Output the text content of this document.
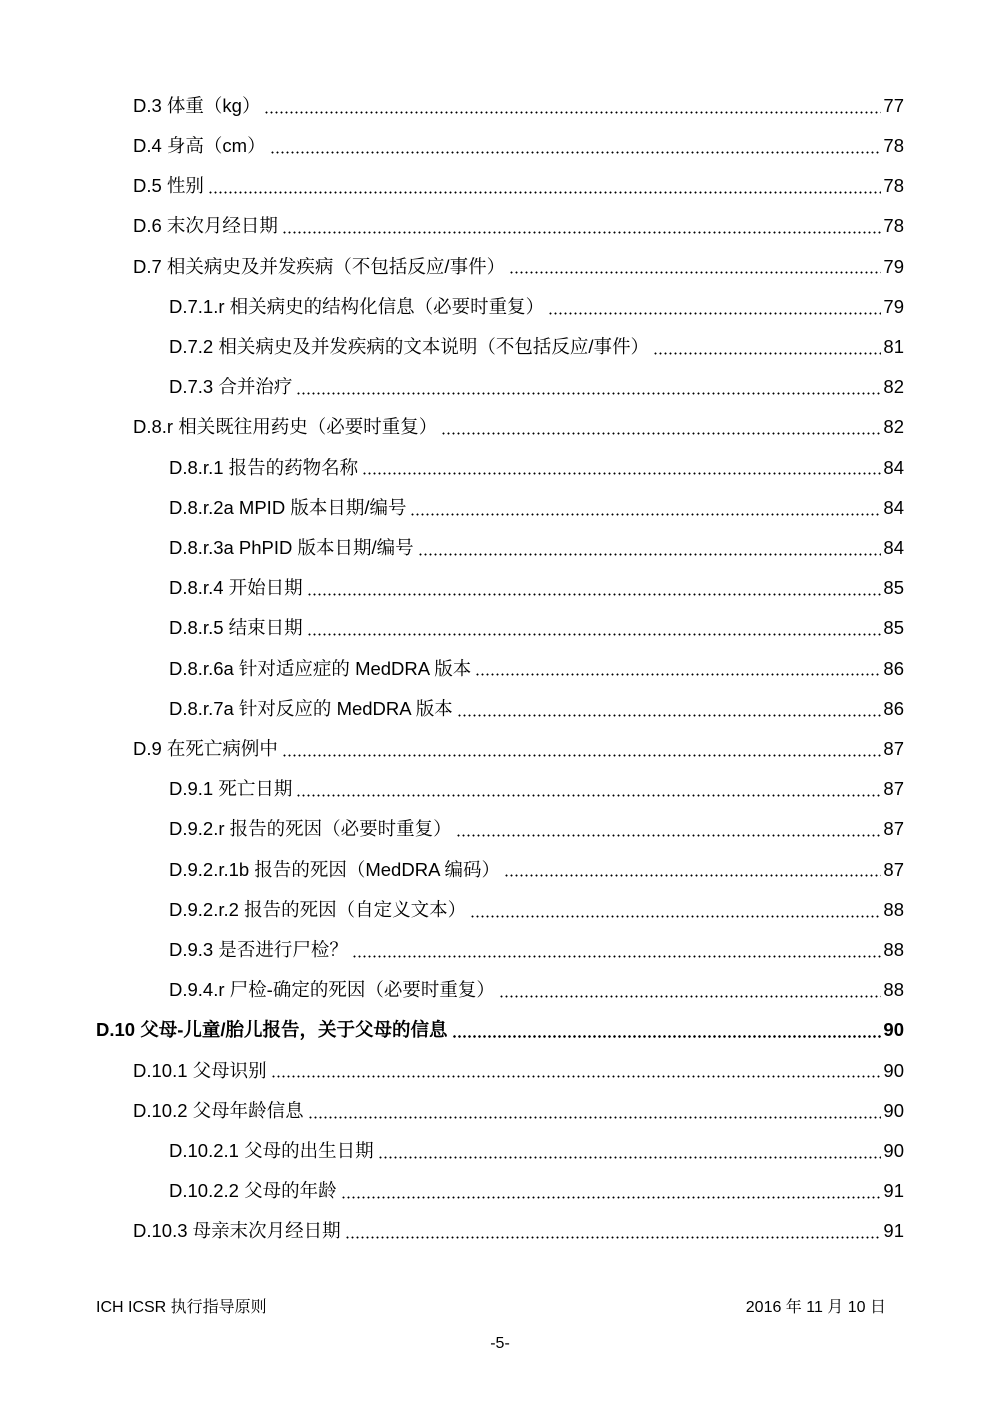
D.3 体重（kg）	77
D.4 身高（cm）	78
D.5 性别	78
D.6 末次月经日期	78
D.7 相关病史及并发疾病（不包括反应/事件）	79
D.7.1.r 相关病史的结构化信息（必要时重复）	79
D.7.2 相关病史及并发疾病的文本说明（不包括反应/事件）	81
D.7.3 合并治疗	82
D.8.r 相关既往用药史（必要时重复）	82
D.8.r.1 报告的药物名称	84
D.8.r.2a MPID 版本日期/编号	84
D.8.r.3a PhPID 版本日期/编号	84
D.8.r.4 开始日期	85
D.8.r.5 结束日期	85
D.8.r.6a 针对适应症的 MedDRA 版本	86
D.8.r.7a 针对反应的 MedDRA 版本	86
D.9 在死亡病例中	87
D.9.1 死亡日期	87
D.9.2.r 报告的死因（必要时重复）	87
D.9.2.r.1b 报告的死因（MedDRA 编码）	87
D.9.2.r.2 报告的死因（自定义文本）	88
D.9.3 是否进行尸检？	88
D.9.4.r 尸检-确定的死因（必要时重复）	88
D.10 父母-儿童/胎儿报告，关于父母的信息	90
D.10.1 父母识别	90
D.10.2 父母年龄信息	90
D.10.2.1 父母的出生日期	90
D.10.2.2 父母的年龄	91
D.10.3 母亲末次月经日期	91
ICH ICSR 执行指导原则	2016 年 11 月 10 日
-5-
